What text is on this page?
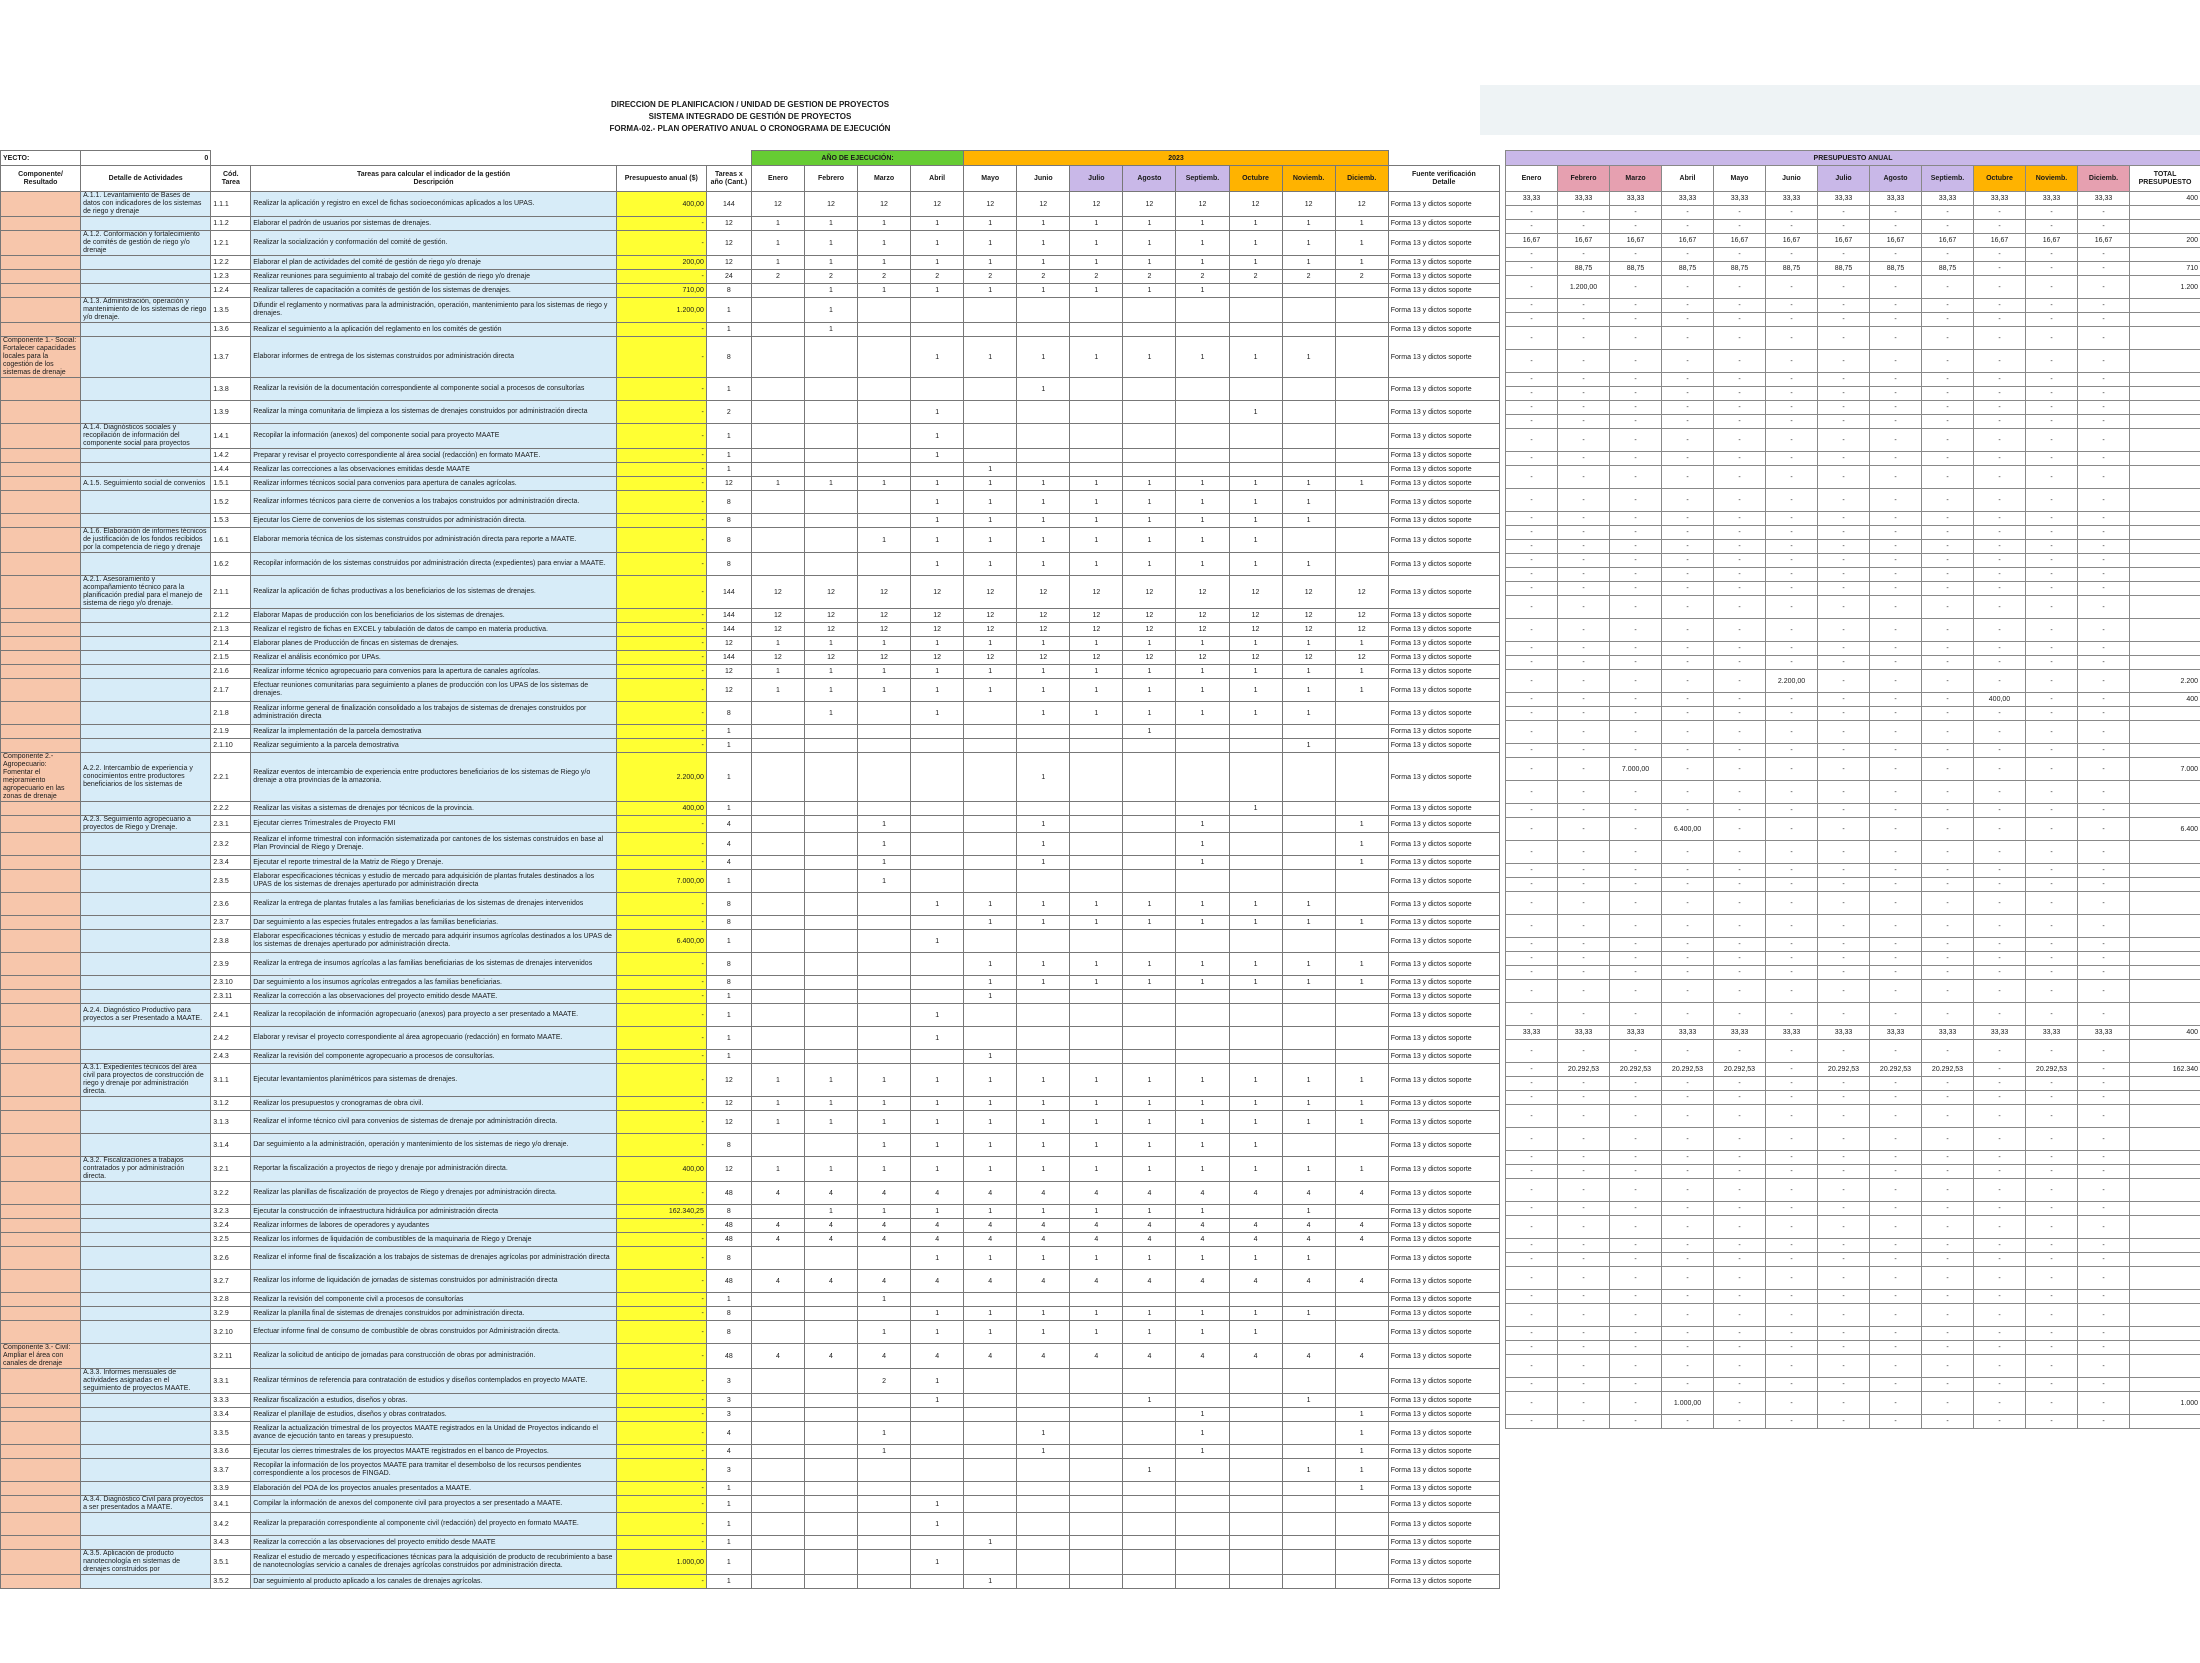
DIRECCION DE PLANIFICACION / UNIDAD DE GESTION DE PROYECTOS
SISTEMA INTEGRADO DE GESTIÓN DE PROYECTOS
FORMA-02.- PLAN OPERATIVO ANUAL O CRONOGRAMA DE EJECUCIÓN
YECTO:	0					AÑO DE EJECUCIÓN:				2023								
Componente/ Resultado	Detalle de Actividades	Cód. Tarea	Tareas para calcular el indicador de la gestión
Descripción	Presupuesto anual ($)	Tareas x año (Cant.)	Enero	Febrero	Marzo	Abril	Mayo	Junio	Julio	Agosto	Septiemb.	Octubre	Noviemb.	Diciemb.	Fuente verificación
Detalle
	A.1.1. Levantamiento de Bases de datos con indicadores de los sistemas de riego y drenaje	1.1.1	Realizar la aplicación y registro en excel de fichas socioeconómicas aplicados a los UPAS.	400,00	144	12	12	12	12	12	12	12	12	12	12	12	12	Forma 13 y dictos soporte
		1.1.2	Elaborar el padrón de usuarios por sistemas de drenajes.	-	12	1	1	1	1	1	1	1	1	1	1	1	1	Forma 13 y dictos soporte
	A.1.2. Conformación y fortalecimiento de comités de gestión de riego y/o drenaje	1.2.1	Realizar la socialización y conformación del comité de gestión.	-	12	1	1	1	1	1	1	1	1	1	1	1	1	Forma 13 y dictos soporte
		1.2.2	Elaborar el plan de actividades del comité de gestión de riego y/o drenaje	200,00	12	1	1	1	1	1	1	1	1	1	1	1	1	Forma 13 y dictos soporte
		1.2.3	Realizar reuniones para seguimiento al trabajo del comité de gestión de riego y/o drenaje	-	24	2	2	2	2	2	2	2	2	2	2	2	2	Forma 13 y dictos soporte
		1.2.4	Realizar talleres de capacitación a comités de gestión de los sistemas de drenajes.	710,00	8		1	1	1	1	1	1	1	1				Forma 13 y dictos soporte
	A.1.3. Administración, operación y mantenimiento de los sistemas de riego y/o drenaje.	1.3.5	Difundir el reglamento y normativas para la administración, operación, mantenimiento para los sistemas de riego y drenajes.	1.200,00	1		1											Forma 13 y dictos soporte
		1.3.6	Realizar el seguimiento a la aplicación del reglamento en los comités de gestión	-	1		1											Forma 13 y dictos soporte
Componente 1.- Social: Fortalecer capacidades locales para la cogestión de los sistemas de drenaje		1.3.7	Elaborar informes de entrega de los sistemas construidos por administración directa	-	8				1	1	1	1	1	1	1	1		Forma 13 y dictos soporte
		1.3.8	Realizar la revisión de la documentación correspondiente al componente social a procesos de consultorías	-	1						1							Forma 13 y dictos soporte
		1.3.9	Realizar la minga comunitaria de limpieza a los sistemas de drenajes construidos por administración directa	-	2				1						1			Forma 13 y dictos soporte
	A.1.4. Diagnósticos sociales y recopilación de información del componente social para proyectos	1.4.1	Recopilar la información (anexos) del componente social para proyecto MAATE	-	1				1									Forma 13 y dictos soporte
		1.4.2	Preparar y revisar el proyecto correspondiente al área social (redacción) en formato MAATE.	-	1				1									Forma 13 y dictos soporte
		1.4.4	Realizar las correcciones a las observaciones emitidas desde MAATE	-	1					1								Forma 13 y dictos soporte
	A.1.5. Seguimiento social de convenios	1.5.1	Realizar informes técnicos social para convenios para apertura de canales agrícolas.	-	12	1	1	1	1	1	1	1	1	1	1	1	1	Forma 13 y dictos soporte
		1.5.2	Realizar informes técnicos para cierre de convenios a los trabajos construidos por administración directa.	-	8				1	1	1	1	1	1	1	1		Forma 13 y dictos soporte
		1.5.3	Ejecutar los Cierre de convenios de los sistemas construidos por administración directa.	-	8				1	1	1	1	1	1	1	1		Forma 13 y dictos soporte
	A.1.6. Elaboración de informes técnicos de justificación de los fondos recibidos por la competencia de riego y drenaje	1.6.1	Elaborar memoria técnica de los sistemas construidos por administración directa para reporte a MAATE.	-	8			1	1	1	1	1	1	1	1			Forma 13 y dictos soporte
		1.6.2	Recopilar información de los sistemas construidos por administración directa (expedientes) para enviar a MAATE.	-	8				1	1	1	1	1	1	1	1		Forma 13 y dictos soporte
	A.2.1. Asesoramiento y acompañamiento técnico para la planificación predial para el manejo de sistema de riego y/o drenaje.	2.1.1	Realizar la aplicación de fichas productivas a los beneficiarios de los sistemas de drenajes.	-	144	12	12	12	12	12	12	12	12	12	12	12	12	Forma 13 y dictos soporte
		2.1.2	Elaborar Mapas de producción con los beneficiarios de los sistemas de drenajes.	-	144	12	12	12	12	12	12	12	12	12	12	12	12	Forma 13 y dictos soporte
		2.1.3	Realizar el registro de fichas en EXCEL y tabulación de datos de campo en materia productiva.	-	144	12	12	12	12	12	12	12	12	12	12	12	12	Forma 13 y dictos soporte
		2.1.4	Elaborar planes de Producción de fincas en sistemas de drenajes.	-	12	1	1	1	1	1	1	1	1	1	1	1	1	Forma 13 y dictos soporte
		2.1.5	Realizar el análisis económico por UPAs.	-	144	12	12	12	12	12	12	12	12	12	12	12	12	Forma 13 y dictos soporte
		2.1.6	Realizar informe técnico agropecuario para convenios para la apertura de canales agrícolas.	-	12	1	1	1	1	1	1	1	1	1	1	1	1	Forma 13 y dictos soporte
		2.1.7	Efectuar reuniones comunitarias para seguimiento a planes de producción con los UPAS de los sistemas de drenajes.	-	12	1	1	1	1	1	1	1	1	1	1	1	1	Forma 13 y dictos soporte
		2.1.8	Realizar informe general de finalización consolidado a los trabajos de sistemas de drenajes construidos por administración directa	-	8		1		1		1	1	1	1	1	1		Forma 13 y dictos soporte
		2.1.9	Realizar la implementación de la parcela demostrativa	-	1								1					Forma 13 y dictos soporte
		2.1.10	Realizar seguimiento a la parcela demostrativa	-	1											1		Forma 13 y dictos soporte
Componente 2.- Agropecuario: Fomentar el mejoramiento agropecuario en las zonas de drenaje	A.2.2. Intercambio de experiencia y conocimientos entre productores beneficiarios de los sistemas de	2.2.1	Realizar eventos de intercambio de experiencia entre productores beneficiarios de los sistemas de Riego y/o drenaje a otra provincias de la amazonia.	2.200,00	1						1							Forma 13 y dictos soporte
		2.2.2	Realizar las visitas a sistemas de drenajes por técnicos de la provincia.	400,00	1										1			Forma 13 y dictos soporte
	A.2.3. Seguimiento agropecuario a proyectos de Riego y Drenaje.	2.3.1	Ejecutar cierres Trimestrales de Proyecto FMI	-	4			1			1			1			1	Forma 13 y dictos soporte
		2.3.2	Realizar el informe trimestral con información sistematizada por cantones de los sistemas construidos en base al Plan Provincial de Riego y Drenaje.	-	4			1			1			1			1	Forma 13 y dictos soporte
		2.3.4	Ejecutar el reporte trimestral de la Matriz de Riego y Drenaje.	-	4			1			1			1			1	Forma 13 y dictos soporte
		2.3.5	Elaborar especificaciones técnicas y estudio de mercado para adquisición de plantas frutales destinados a los UPAS de los sistemas de drenajes aperturado por administración directa	7.000,00	1			1										Forma 13 y dictos soporte
		2.3.6	Realizar la entrega de plantas frutales a las familias beneficiarias de los sistemas de drenajes intervenidos	-	8				1	1	1	1	1	1	1	1		Forma 13 y dictos soporte
		2.3.7	Dar seguimiento a las especies frutales entregados a las familias beneficiarias.	-	8					1	1	1	1	1	1	1	1	Forma 13 y dictos soporte
		2.3.8	Elaborar especificaciones técnicas y estudio de mercado para adquirir insumos agrícolas destinados a los UPAS de los sistemas de drenajes aperturado por administración directa.	6.400,00	1				1									Forma 13 y dictos soporte
		2.3.9	Realizar la entrega de insumos agrícolas a las familias beneficiarias de los sistemas de drenajes intervenidos	-	8					1	1	1	1	1	1	1	1	Forma 13 y dictos soporte
		2.3.10	Dar seguimiento a los insumos agrícolas entregados a las familias beneficiarias.	-	8					1	1	1	1	1	1	1	1	Forma 13 y dictos soporte
		2.3.11	Realizar la corrección a las observaciones del proyecto emitido desde MAATE.	-	1					1								Forma 13 y dictos soporte
	A.2.4. Diagnóstico Productivo para proyectos a ser Presentado a MAATE.	2.4.1	Realizar la recopilación de información agropecuario (anexos) para proyecto a ser presentado a MAATE.	-	1				1									Forma 13 y dictos soporte
		2.4.2	Elaborar y revisar el proyecto correspondiente al área agropecuario (redacción) en formato MAATE.	-	1				1									Forma 13 y dictos soporte
		2.4.3	Realizar la revisión del componente agropecuario a procesos de consultorías.	-	1					1								Forma 13 y dictos soporte
	A.3.1. Expedientes técnicos del área civil para proyectos de construcción de riego y drenaje por administración directa.	3.1.1	Ejecutar levantamientos planimétricos para sistemas de drenajes.	-	12	1	1	1	1	1	1	1	1	1	1	1	1	Forma 13 y dictos soporte
		3.1.2	Realizar los presupuestos y cronogramas de obra civil.	-	12	1	1	1	1	1	1	1	1	1	1	1	1	Forma 13 y dictos soporte
		3.1.3	Realizar el informe técnico civil para convenios de sistemas de drenaje por administración directa.	-	12	1	1	1	1	1	1	1	1	1	1	1	1	Forma 13 y dictos soporte
		3.1.4	Dar seguimiento a la administración, operación y mantenimiento de los sistemas de riego y/o drenaje.	-	8			1	1	1	1	1	1	1	1			Forma 13 y dictos soporte
	A.3.2. Fiscalizaciones a trabajos contratados y por administración directa.	3.2.1	Reportar la fiscalización a proyectos de riego y drenaje por administración directa.	400,00	12	1	1	1	1	1	1	1	1	1	1	1	1	Forma 13 y dictos soporte
		3.2.2	Realizar las planillas de fiscalización de proyectos de Riego y drenajes por administración directa.	-	48	4	4	4	4	4	4	4	4	4	4	4	4	Forma 13 y dictos soporte
		3.2.3	Ejecutar la construcción de infraestructura hidráulica por administración directa	162.340,25	8		1	1	1	1	1	1	1	1		1		Forma 13 y dictos soporte
		3.2.4	Realizar informes de labores de operadores y ayudantes	-	48	4	4	4	4	4	4	4	4	4	4	4	4	Forma 13 y dictos soporte
		3.2.5	Realizar los informes de liquidación de combustibles de la maquinaria de Riego y Drenaje	-	48	4	4	4	4	4	4	4	4	4	4	4	4	Forma 13 y dictos soporte
		3.2.6	Realizar el informe final de fiscalización a los trabajos de sistemas de drenajes agrícolas por administración directa	-	8				1	1	1	1	1	1	1	1		Forma 13 y dictos soporte
		3.2.7	Realizar los informe de liquidación de jornadas de sistemas construidos por administración directa	-	48	4	4	4	4	4	4	4	4	4	4	4	4	Forma 13 y dictos soporte
		3.2.8	Realizar la revisión del componente civil a procesos de consultorías	-	1			1										Forma 13 y dictos soporte
		3.2.9	Realizar la planilla final de sistemas de drenajes construidos por administración directa.	-	8				1	1	1	1	1	1	1	1		Forma 13 y dictos soporte
		3.2.10	Efectuar informe final de consumo de combustible de obras construidos por Administración directa.	-	8			1	1	1	1	1	1	1	1			Forma 13 y dictos soporte
Componente 3.- Civil: Ampliar el área con canales de drenaje		3.2.11	Realizar la solicitud de anticipo de jornadas para construcción de obras por administración.	-	48	4	4	4	4	4	4	4	4	4	4	4	4	Forma 13 y dictos soporte
	A.3.3. Informes mensuales de actividades asignadas en el seguimiento de proyectos MAATE.	3.3.1	Realizar términos de referencia para contratación de estudios y diseños contemplados en proyecto MAATE.	-	3			2	1									Forma 13 y dictos soporte
		3.3.3	Realizar fiscalización a estudios, diseños y obras.	-	3				1				1			1		Forma 13 y dictos soporte
		3.3.4	Realizar el planillaje de estudios, diseños y obras contratados.	-	3									1			1	Forma 13 y dictos soporte
		3.3.5	Realizar la actualización trimestral de los proyectos MAATE registrados en la Unidad de Proyectos indicando el avance de ejecución tanto en tareas y presupuesto.	-	4			1			1			1			1	Forma 13 y dictos soporte
		3.3.6	Ejecutar los cierres trimestrales de los proyectos MAATE registrados en el banco de Proyectos.	-	4			1			1			1			1	Forma 13 y dictos soporte
		3.3.7	Recopilar la información de los proyectos MAATE para tramitar el desembolso de los recursos pendientes correspondiente a los procesos de FINGAD.	-	3								1			1	1	Forma 13 y dictos soporte
		3.3.9	Elaboración del POA de los proyectos anuales presentados a MAATE.	-	1												1	Forma 13 y dictos soporte
	A.3.4. Diagnóstico Civil para proyectos a ser presentados a MAATE.	3.4.1	Compilar la información de anexos del componente civil para proyectos a ser presentado a MAATE.	-	1				1									Forma 13 y dictos soporte
		3.4.2	Realizar la preparación correspondiente al componente civil (redacción) del proyecto en formato MAATE.	-	1				1									Forma 13 y dictos soporte
		3.4.3	Realizar la corrección a las observaciones del proyecto emitido desde MAATE	-	1					1								Forma 13 y dictos soporte
	A.3.5. Aplicación de producto nanotecnología en sistemas de drenajes construidos por	3.5.1	Realizar el estudio de mercado y especificaciones técnicas para la adquisición de producto de recubrimiento a base de nanotecnologías servicio a canales de drenajes agrícolas construidos por administración directa.	1.000,00	1				1									Forma 13 y dictos soporte
		3.5.2	Dar seguimiento al producto aplicado a los canales de drenajes agrícolas.	-	1					1								Forma 13 y dictos soporte
PRESUPUESTO ANUAL												
Enero	Febrero	Marzo	Abril	Mayo	Junio	Julio	Agosto	Septiemb.	Octubre	Noviemb.	Diciemb.	TOTAL PRESUPUESTO
33,33	33,33	33,33	33,33	33,33	33,33	33,33	33,33	33,33	33,33	33,33	33,33	400
-	-	-	-	-	-	-	-	-	-	-	-	
-	-	-	-	-	-	-	-	-	-	-	-	
16,67	16,67	16,67	16,67	16,67	16,67	16,67	16,67	16,67	16,67	16,67	16,67	200
-	-	-	-	-	-	-	-	-	-	-	-	
-	88,75	88,75	88,75	88,75	88,75	88,75	88,75	88,75	-	-	-	710
-	1.200,00	-	-	-	-	-	-	-	-	-	-	1.200
-	-	-	-	-	-	-	-	-	-	-	-	
-	-	-	-	-	-	-	-	-	-	-	-	
-	-	-	-	-	-	-	-	-	-	-	-	
-	-	-	-	-	-	-	-	-	-	-	-	
-	-	-	-	-	-	-	-	-	-	-	-	
-	-	-	-	-	-	-	-	-	-	-	-	
-	-	-	-	-	-	-	-	-	-	-	-	
-	-	-	-	-	-	-	-	-	-	-	-	
-	-	-	-	-	-	-	-	-	-	-	-	
-	-	-	-	-	-	-	-	-	-	-	-	
-	-	-	-	-	-	-	-	-	-	-	-	
-	-	-	-	-	-	-	-	-	-	-	-	
-	-	-	-	-	-	-	-	-	-	-	-	
-	-	-	-	-	-	-	-	-	-	-	-	
-	-	-	-	-	-	-	-	-	-	-	-	
-	-	-	-	-	-	-	-	-	-	-	-	
-	-	-	-	-	-	-	-	-	-	-	-	
-	-	-	-	-	-	-	-	-	-	-	-	
-	-	-	-	-	-	-	-	-	-	-	-	
-	-	-	-	-	-	-	-	-	-	-	-	
-	-	-	-	-	-	-	-	-	-	-	-	
-	-	-	-	-	-	-	-	-	-	-	-	
-	-	-	-	-	2.200,00	-	-	-	-	-	-	2.200
-	-	-	-	-	-	-	-	-	400,00	-	-	400
-	-	-	-	-	-	-	-	-	-	-	-	
-	-	-	-	-	-	-	-	-	-	-	-	
-	-	-	-	-	-	-	-	-	-	-	-	
-	-	7.000,00	-	-	-	-	-	-	-	-	-	7.000
-	-	-	-	-	-	-	-	-	-	-	-	
-	-	-	-	-	-	-	-	-	-	-	-	
-	-	-	6.400,00	-	-	-	-	-	-	-	-	6.400
-	-	-	-	-	-	-	-	-	-	-	-	
-	-	-	-	-	-	-	-	-	-	-	-	
-	-	-	-	-	-	-	-	-	-	-	-	
-	-	-	-	-	-	-	-	-	-	-	-	
-	-	-	-	-	-	-	-	-	-	-	-	
-	-	-	-	-	-	-	-	-	-	-	-	
-	-	-	-	-	-	-	-	-	-	-	-	
-	-	-	-	-	-	-	-	-	-	-	-	
-	-	-	-	-	-	-	-	-	-	-	-	
-	-	-	-	-	-	-	-	-	-	-	-	
33,33	33,33	33,33	33,33	33,33	33,33	33,33	33,33	33,33	33,33	33,33	33,33	400
-	-	-	-	-	-	-	-	-	-	-	-	
-	20.292,53	20.292,53	20.292,53	20.292,53	-	20.292,53	20.292,53	20.292,53	-	20.292,53	-	162.340
-	-	-	-	-	-	-	-	-	-	-	-	
-	-	-	-	-	-	-	-	-	-	-	-	
-	-	-	-	-	-	-	-	-	-	-	-	
-	-	-	-	-	-	-	-	-	-	-	-	
-	-	-	-	-	-	-	-	-	-	-	-	
-	-	-	-	-	-	-	-	-	-	-	-	
-	-	-	-	-	-	-	-	-	-	-	-	
-	-	-	-	-	-	-	-	-	-	-	-	
-	-	-	-	-	-	-	-	-	-	-	-	
-	-	-	-	-	-	-	-	-	-	-	-	
-	-	-	-	-	-	-	-	-	-	-	-	
-	-	-	-	-	-	-	-	-	-	-	-	
-	-	-	-	-	-	-	-	-	-	-	-	
-	-	-	-	-	-	-	-	-	-	-	-	
-	-	-	-	-	-	-	-	-	-	-	-	
-	-	-	-	-	-	-	-	-	-	-	-	
-	-	-	-	-	-	-	-	-	-	-	-	
-	-	-	-	-	-	-	-	-	-	-	-	
-	-	-	1.000,00	-	-	-	-	-	-	-	-	1.000
-	-	-	-	-	-	-	-	-	-	-	-	
